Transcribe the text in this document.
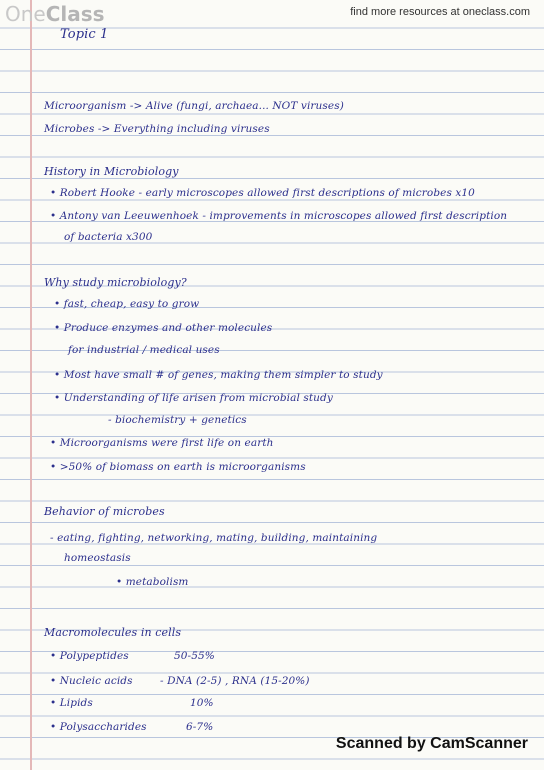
OneClass	find more resources at oneclass.com
Topic 1
Microorganism -> Alive (fungi, archaea... NOT viruses)
Microbes -> Everything including viruses
History in Microbiology
• Robert Hooke - early microscopes allowed first descriptions of microbes x10
• Antony van Leeuwenhoek - improvements in microscopes allowed first description
of bacteria x300
Why study microbiology?
• fast, cheap, easy to grow
• Produce enzymes and other molecules
for industrial / medical uses
• Most have small # of genes, making them simpler to study
• Understanding of life arisen from microbial study
- biochemistry + genetics
• Microorganisms were first life on earth
• >50% of biomass on earth is microorganisms
Behavior of microbes
- eating, fighting, networking, mating, building, maintaining
homeostasis
• metabolism
Macromolecules in cells
• Polypeptides	50-55%
• Nucleic acids	- DNA (2-5) , RNA (15-20%)
• Lipids	10%
• Polysaccharides	6-7%
Scanned by CamScanner
